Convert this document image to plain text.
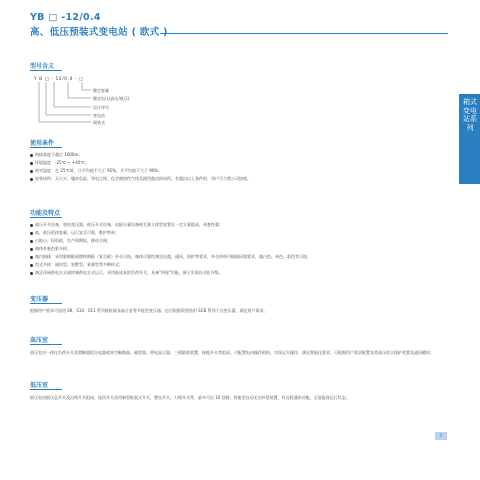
YB □ -12/0.4
高、低压预装式变电站 ( 欧式 )
箱式变电站系列
型号含义
Y B □ - 12/0.4 - □
额定容量
额定电压(高压/低压)
设计序号
变电站
预装式
使用条件
海拔高度不超过 1000m；
环境温度：-25℃ ~ +40℃；
相对湿度：在 25℃时，日平均值不大于 95%，月平均值不大于 90%；
安装场所：无火灾、爆炸危险、导电尘埃、化学腐蚀性气体及剧烈震动的场所。若超出以上条件时，用户可与我公司协商。
功能及特点
高压开关设备、变电变压器、低压开关设备，电能计量设备相互独立体型安置在一定方案组成，成套性强；
高、低压柜体容量，运行安全可靠，维护简单；
占地小，投资低，生产周期短，移动方便；
箱体外观色彩多样；
箱内抽排：采用彩钢板或镀锌钢板（复合板）外壳可选，箱体可靠性满足抗震、通风、防护等要求，外壳材料可根据环境要求，做白色、米色、彩色等可选；
型式多样：通用型、别墅型、景观型等多种样式；
满足环网供电方式或终端供电方式运行，采用低成本的负荷开关，具备"四遥"功能，便于实现自动化升级。
变压器
根据用户要求可选用 S9、S10、S11 系列低耗或非晶合金等节能型变压器，也可根据需要选用 SCB 系列干式变压器，满足用户需求。
高压室
高压室由一体化负荷开关及熔断器组合电器或真空断路器、避雷器、带电显示器、三相联锁装置、接地开关等组成。可配置电动操作机构，实现远方操作，满足智能化要求，可根据用户需求配置各类高压综合保护装置及通讯模块；
低压室
低压室由低压总开关及出线开关组成，选用开关采用新型框架式开关、塑壳开关、刀熔开关等，最多可出 10 回路；智能型自动无功补偿装置，有远程通讯功能，全面监视运行状态。
5
